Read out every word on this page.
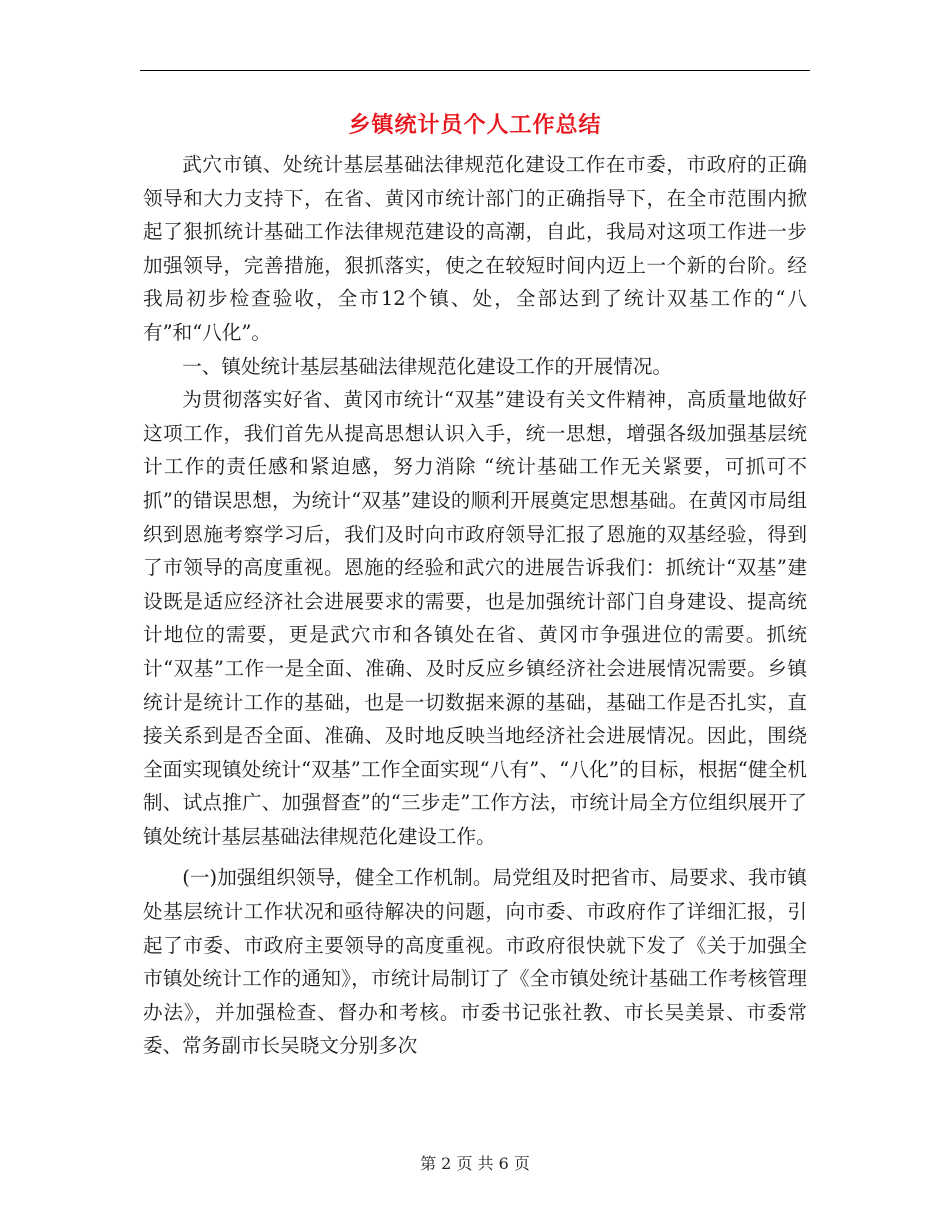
乡镇统计员个人工作总结

武穴市镇、处统计基层基础法律规范化建设工作在市委，市政府的正确领导和大力支持下，在省、黄冈市统计部门的正确指导下，在全市范围内掀起了狠抓统计基础工作法律规范建设的高潮，自此，我局对这项工作进一步加强领导，完善措施，狠抓落实，使之在较短时间内迈上一个新的台阶。经我局初步检查验收，全市12个镇、处，全部达到了统计双基工作的“八有”和“八化”。

一、镇处统计基层基础法律规范化建设工作的开展情况。

为贯彻落实好省、黄冈市统计“双基”建设有关文件精神，高质量地做好这项工作，我们首先从提高思想认识入手，统一思想，增强各级加强基层统计工作的责任感和紧迫感，努力消除 “统计基础工作无关紧要，可抓可不抓”的错误思想，为统计“双基”建设的顺利开展奠定思想基础。在黄冈市局组织到恩施考察学习后，我们及时向市政府领导汇报了恩施的双基经验，得到了市领导的高度重视。恩施的经验和武穴的进展告诉我们：抓统计“双基”建设既是适应经济社会进展要求的需要，也是加强统计部门自身建设、提高统计地位的需要，更是武穴市和各镇处在省、黄冈市争强进位的需要。抓统计“双基”工作一是全面、准确、及时反应乡镇经济社会进展情况需要。乡镇统计是统计工作的基础，也是一切数据来源的基础，基础工作是否扎实，直接关系到是否全面、准确、及时地反映当地经济社会进展情况。因此，围绕全面实现镇处统计“双基”工作全面实现“八有”、“八化”的目标，根据“健全机制、试点推广、加强督查”的“三步走”工作方法，市统计局全方位组织展开了镇处统计基层基础法律规范化建设工作。

(一)加强组织领导，健全工作机制。局党组及时把省市、局要求、我市镇处基层统计工作状况和亟待解决的问题，向市委、市政府作了详细汇报，引起了市委、市政府主要领导的高度重视。市政府很快就下发了《关于加强全市镇处统计工作的通知》，市统计局制订了《全市镇处统计基础工作考核管理办法》，并加强检查、督办和考核。市委书记张社教、市长吴美景、市委常委、常务副市长吴晓文分别多次

第 2 页 共 6 页
